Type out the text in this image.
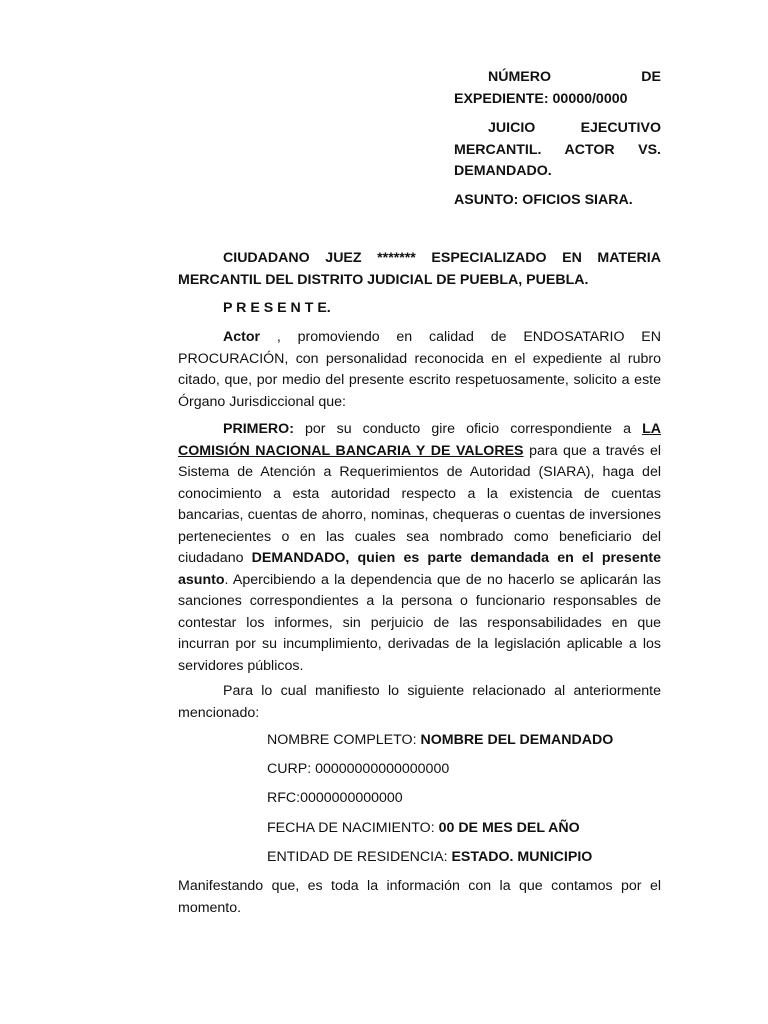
NÚMERO DE
EXPEDIENTE: 00000/0000
JUICIO EJECUTIVO
MERCANTIL. ACTOR VS.
DEMANDADO.
ASUNTO: OFICIOS SIARA.

CIUDADANO JUEZ ******* ESPECIALIZADO EN MATERIA MERCANTIL DEL DISTRITO JUDICIAL DE PUEBLA, PUEBLA.

P R E S E N T E.

Actor , promoviendo en calidad de ENDOSATARIO EN PROCURACIÓN, con personalidad reconocida en el expediente al rubro citado, que, por medio del presente escrito respetuosamente, solicito a este Órgano Jurisdiccional que:

PRIMERO: por su conducto gire oficio correspondiente a LA COMISIÓN NACIONAL BANCARIA Y DE VALORES para que a través el Sistema de Atención a Requerimientos de Autoridad (SIARA), haga del conocimiento a esta autoridad respecto a la existencia de cuentas bancarias, cuentas de ahorro, nominas, chequeras o cuentas de inversiones pertenecientes o en las cuales sea nombrado como beneficiario del ciudadano DEMANDADO, quien es parte demandada en el presente asunto. Apercibiendo a la dependencia que de no hacerlo se aplicarán las sanciones correspondientes a la persona o funcionario responsables de contestar los informes, sin perjuicio de las responsabilidades en que incurran por su incumplimiento, derivadas de la legislación aplicable a los servidores públicos.

Para lo cual manifiesto lo siguiente relacionado al anteriormente mencionado:

NOMBRE COMPLETO: NOMBRE DEL DEMANDADO
CURP: 00000000000000000
RFC:0000000000000
FECHA DE NACIMIENTO: 00 DE MES DEL AÑO
ENTIDAD DE RESIDENCIA: ESTADO. MUNICIPIO

Manifestando que, es toda la información con la que contamos por el momento.
